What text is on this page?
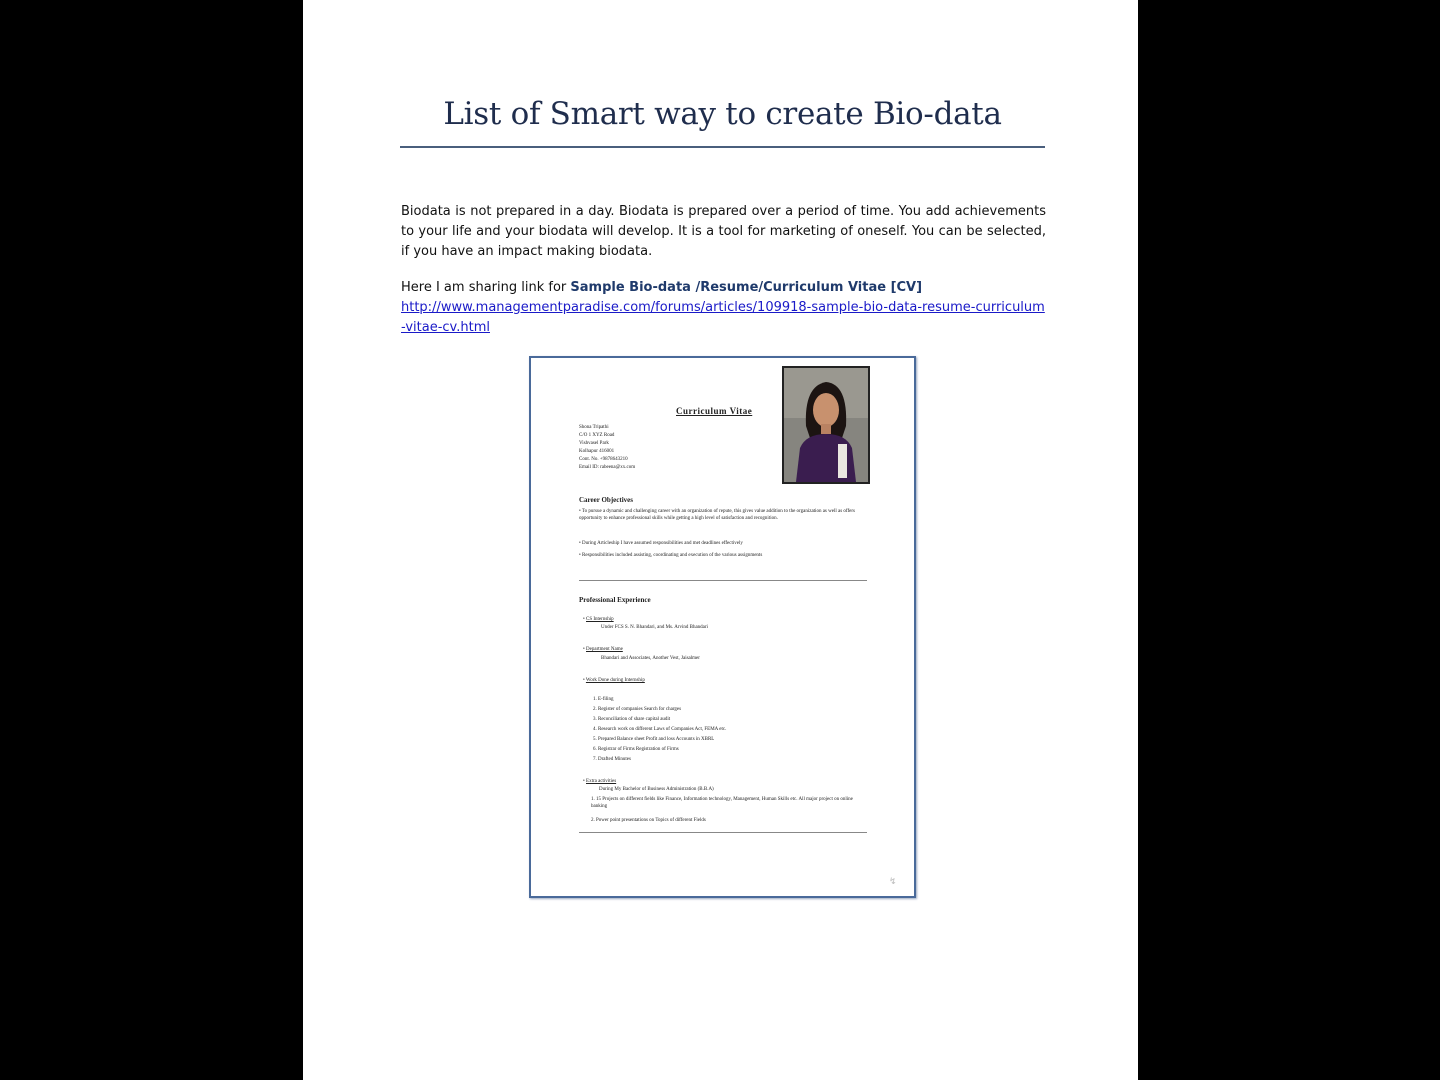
List of Smart way to create Bio-data

Biodata is not prepared in a day. Biodata is prepared over a period of time. You add achievements to your life and your biodata will develop. It is a tool for marketing of oneself. You can be selected, if you have an impact making biodata.

Here I am sharing link for Sample Bio-data /Resume/Curriculum Vitae [CV]
http://www.managementparadise.com/forums/articles/109918-sample-bio-data-resume-curriculum-vitae-cv.html

Curriculum Vitae
Shona Tripathi
C/O 1 XYZ Road
Vishvasel Park
Kolhapur 416001
Cont. No. +9878643210
Email ID: rabeena@xx.com
Career Objectives
• To pursue a dynamic and challenging career with an organization of repute, this gives value addition to the organization as well as offers opportunity to enhance professional skills while getting a high level of satisfaction and recognition.
• During Articleship I have assumed responsibilities and met deadlines effectively
• Responsibilities included assisting, coordinating and execution of the various assignments
Professional Experience
• CS Internship
Under FCS S. N. Bhandari, and Ms. Arvind Bhandari
• Department Name
Bhandari and Associates, Another Vest, Jaisalmer
• Work Done during Internship
1. E-filing
2. Register of companies Search for charges
3. Reconciliation of share capital audit
4. Research work on different Laws of Companies Act, FEMA etc.
5. Prepared Balance sheet Profit and loss Accounts in XBRL
6. Registrar of Firms Registration of Firms
7. Drafted Minutes
• Extra activities
During My Bachelor of Business Administration (B.B.A)
1. 15 Projects on different fields like Finance, Information technology, Management, Human Skills etc. All major project on online banking
2. Power point presentations on Topics of different Fields
↯
